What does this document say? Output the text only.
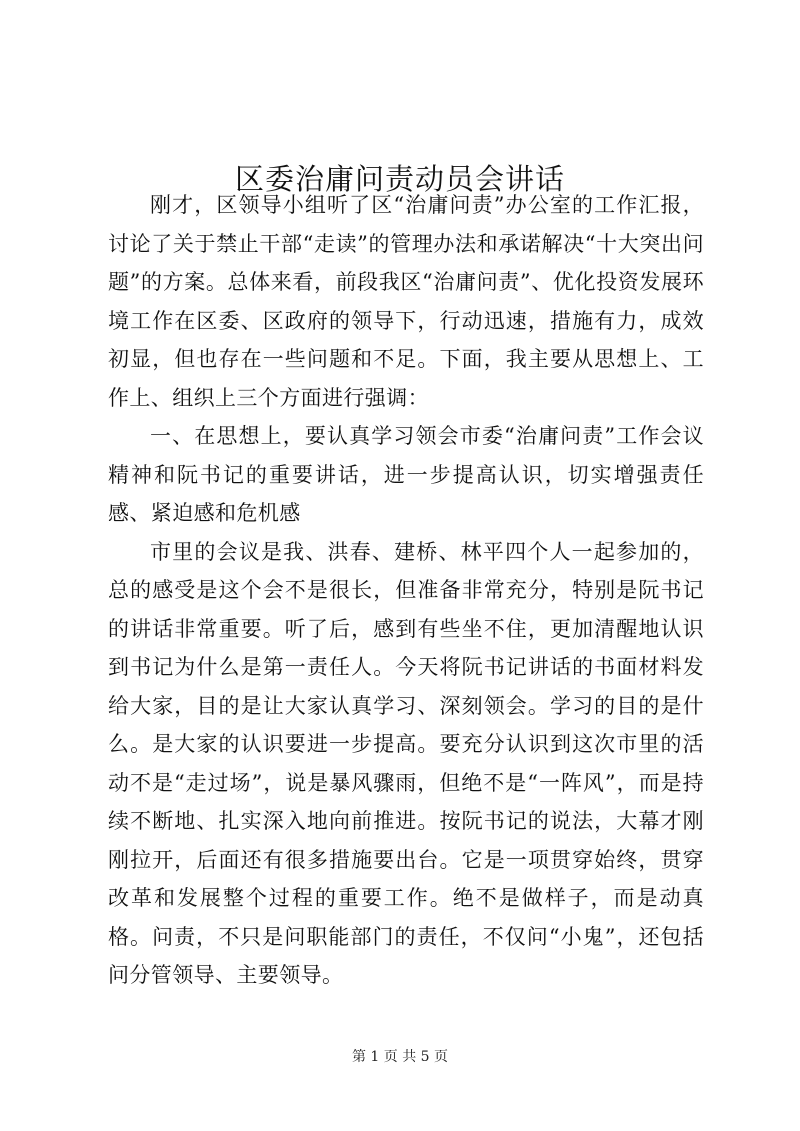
区委治庸问责动员会讲话

刚才，区领导小组听了区“治庸问责”办公室的工作汇报，讨论了关于禁止干部“走读”的管理办法和承诺解决“十大突出问题”的方案。总体来看，前段我区“治庸问责”、优化投资发展环境工作在区委、区政府的领导下，行动迅速，措施有力，成效初显，但也存在一些问题和不足。下面，我主要从思想上、工作上、组织上三个方面进行强调：

一、在思想上，要认真学习领会市委“治庸问责”工作会议精神和阮书记的重要讲话，进一步提高认识，切实增强责任感、紧迫感和危机感

市里的会议是我、洪春、建桥、林平四个人一起参加的，总的感受是这个会不是很长，但准备非常充分，特别是阮书记的讲话非常重要。听了后，感到有些坐不住，更加清醒地认识到书记为什么是第一责任人。今天将阮书记讲话的书面材料发给大家，目的是让大家认真学习、深刻领会。学习的目的是什么。是大家的认识要进一步提高。要充分认识到这次市里的活动不是“走过场”，说是暴风骤雨，但绝不是“一阵风”，而是持续不断地、扎实深入地向前推进。按阮书记的说法，大幕才刚刚拉开，后面还有很多措施要出台。它是一项贯穿始终，贯穿改革和发展整个过程的重要工作。绝不是做样子，而是动真格。问责，不只是问职能部门的责任，不仅问“小鬼”，还包括问分管领导、主要领导。

第 1 页 共 5 页
